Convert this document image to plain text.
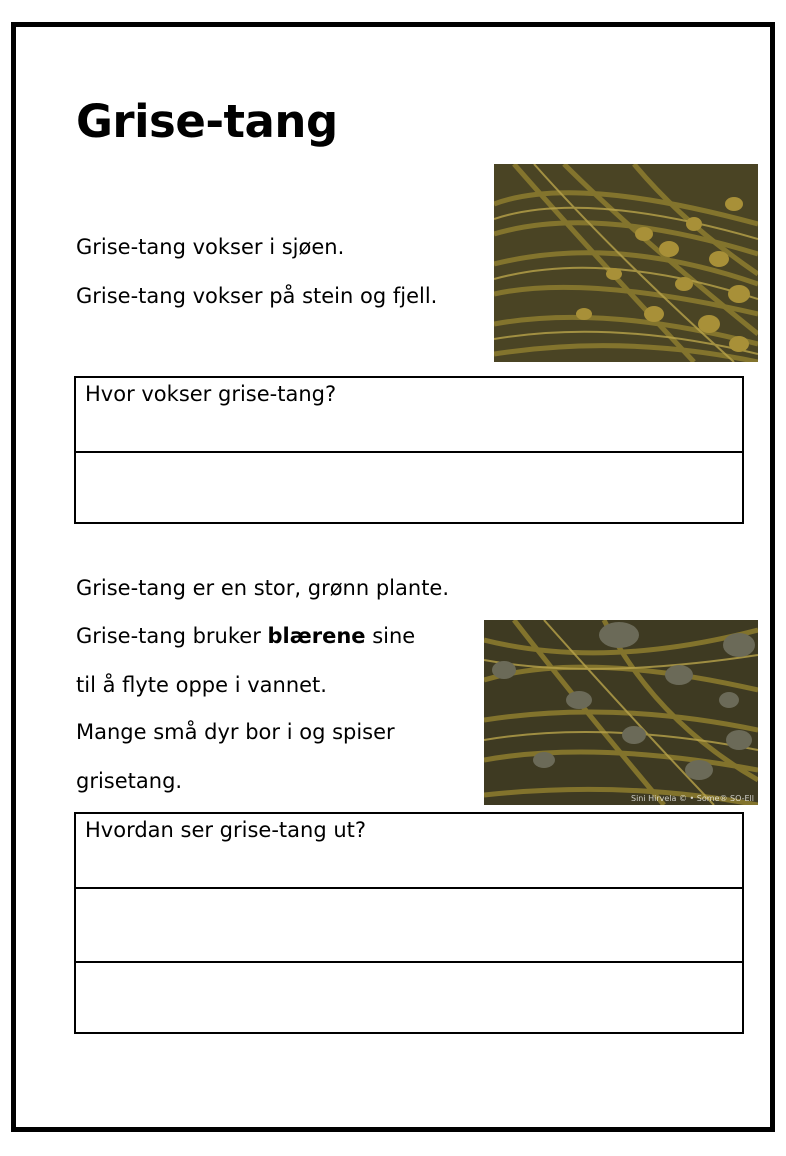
Grise-tang

Grise-tang vokser i sjøen.

Grise-tang vokser på stein og fjell.

Hvor vokser grise-tang?

Grise-tang er en stor, grønn plante.

Grise-tang bruker blærene sine

til å flyte oppe i vannet.

Mange små dyr bor i og spiser

grisetang.

Sini Hirvela © • Some® SO-Ell

Hvordan ser grise-tang ut?
